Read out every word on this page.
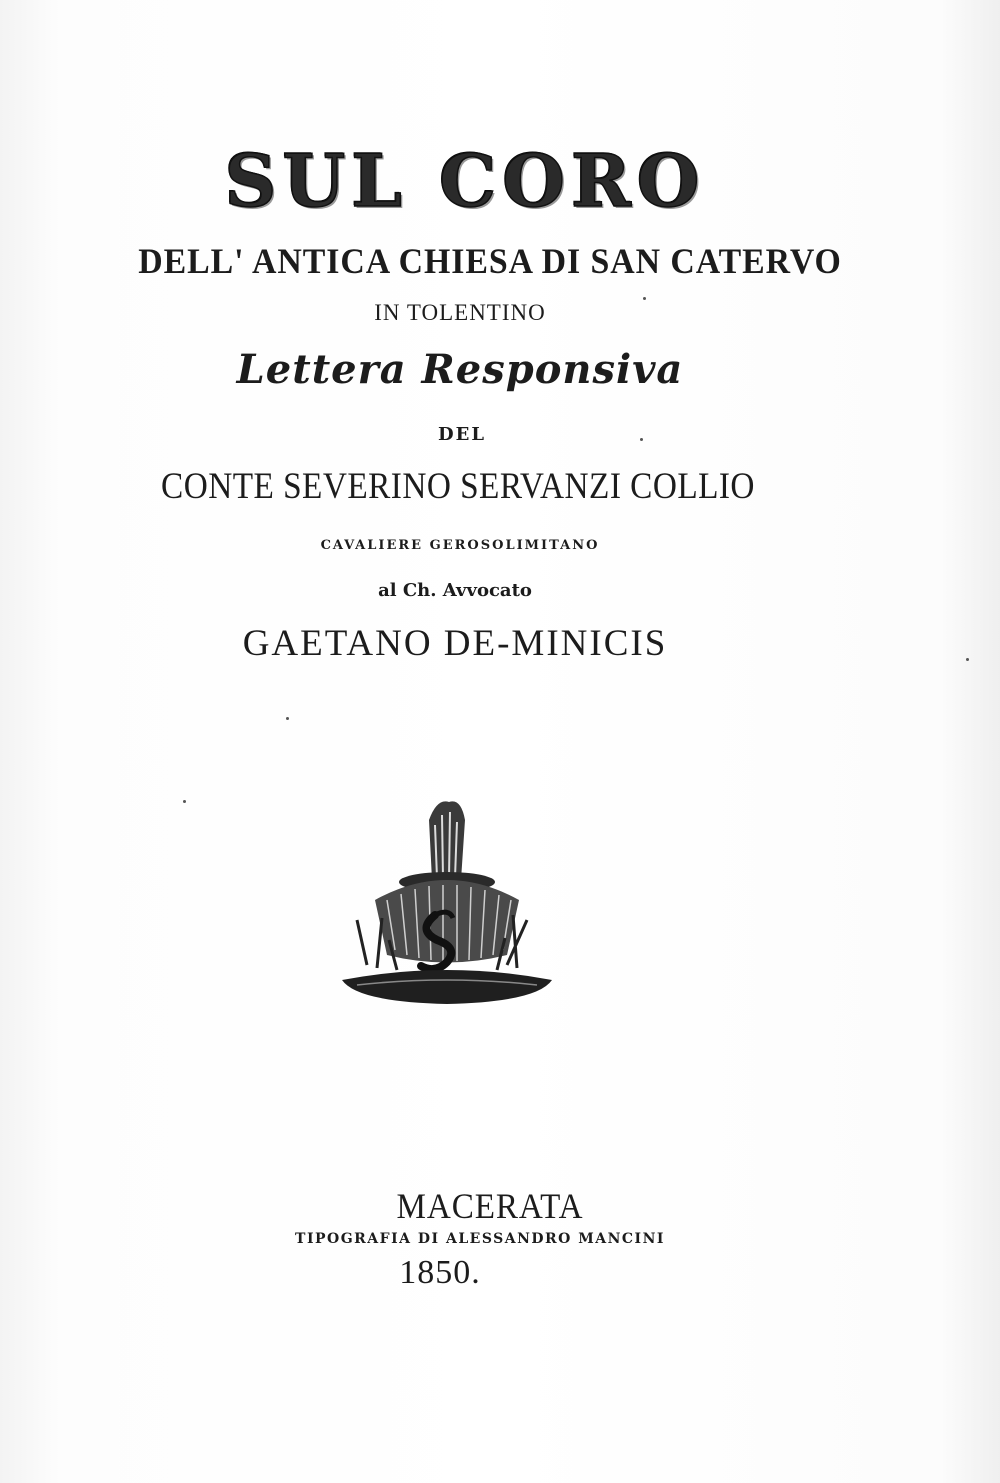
SUL CORO
DELL' ANTICA CHIESA DI SAN CATERVO
IN TOLENTINO
Lettera Responsiva
DEL
CONTE SEVERINO SERVANZI COLLIO
CAVALIERE GEROSOLIMITANO
al Ch. Avvocato
GAETANO DE-MINICIS
MACERATA
TIPOGRAFIA DI ALESSANDRO MANCINI
1850.
